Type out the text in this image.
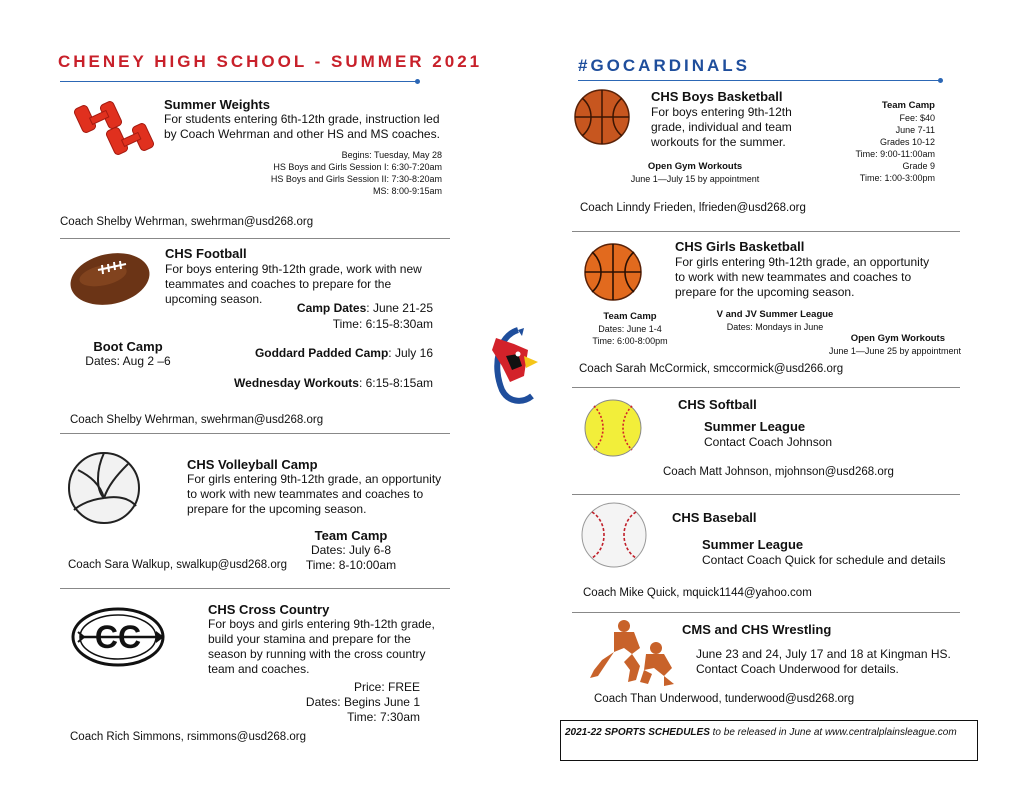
CHENEY HIGH SCHOOL - SUMMER 2021	#GOCARDINALS
Summer Weights
For students entering 6th-12th grade, instruction led
by Coach Wehrman and other HS and MS coaches.
Begins: Tuesday, May 28
HS Boys and Girls Session I: 6:30-7:20am
HS Boys and Girls Session II: 7:30-8:20am
MS: 8:00-9:15am
Coach Shelby Wehrman, swehrman@usd268.org
CHS Football
For boys entering 9th-12th grade, work with new
teammates and coaches to prepare for the
upcoming season.
Camp Dates: June 21-25
Time: 6:15-8:30am
Boot Camp
Dates: Aug 2 –6
Goddard Padded Camp: July 16
Wednesday Workouts: 6:15-8:15am
Coach Shelby Wehrman, swehrman@usd268.org
CHS Volleyball Camp
For girls entering 9th-12th grade, an opportunity
to work with new teammates and coaches to
prepare for the upcoming season.
Team Camp
Dates: July 6-8
Time: 8-10:00am
Coach Sara Walkup, swalkup@usd268.org
CC
CHS Cross Country
For boys and girls entering 9th-12th grade,
build your stamina and prepare for the
season by running with the cross country
team and coaches.
Price: FREE
Dates: Begins June 1
Time: 7:30am
Coach Rich Simmons, rsimmons@usd268.org
CHS Boys Basketball
For boys entering 9th-12th
grade, individual and team
workouts for the summer.
Team Camp
Fee: $40
June 7-11
Grades 10-12
Time: 9:00-11:00am
Grade 9
Time: 1:00-3:00pm
Open Gym Workouts
June 1—July 15 by appointment
Coach Linndy Frieden, lfrieden@usd268.org
CHS Girls Basketball
For girls entering 9th-12th grade, an opportunity
to work with new teammates and coaches to
prepare for the upcoming season.
Team Camp
Dates: June 1-4
Time: 6:00-8:00pm
V and JV Summer League
Dates: Mondays in June
Open Gym Workouts
June 1—June 25 by appointment
Coach Sarah McCormick, smccormick@usd266.org
CHS Softball
Summer League
Contact Coach Johnson
Coach Matt Johnson, mjohnson@usd268.org
CHS Baseball
Summer League
Contact Coach Quick for schedule and details
Coach Mike Quick, mquick1144@yahoo.com
CMS and CHS Wrestling
June 23 and 24, July 17 and 18 at Kingman HS.
Contact Coach Underwood for details.
Coach Than Underwood, tunderwood@usd268.org
2021-22 SPORTS SCHEDULES to be released in June at www.centralplainsleague.com
